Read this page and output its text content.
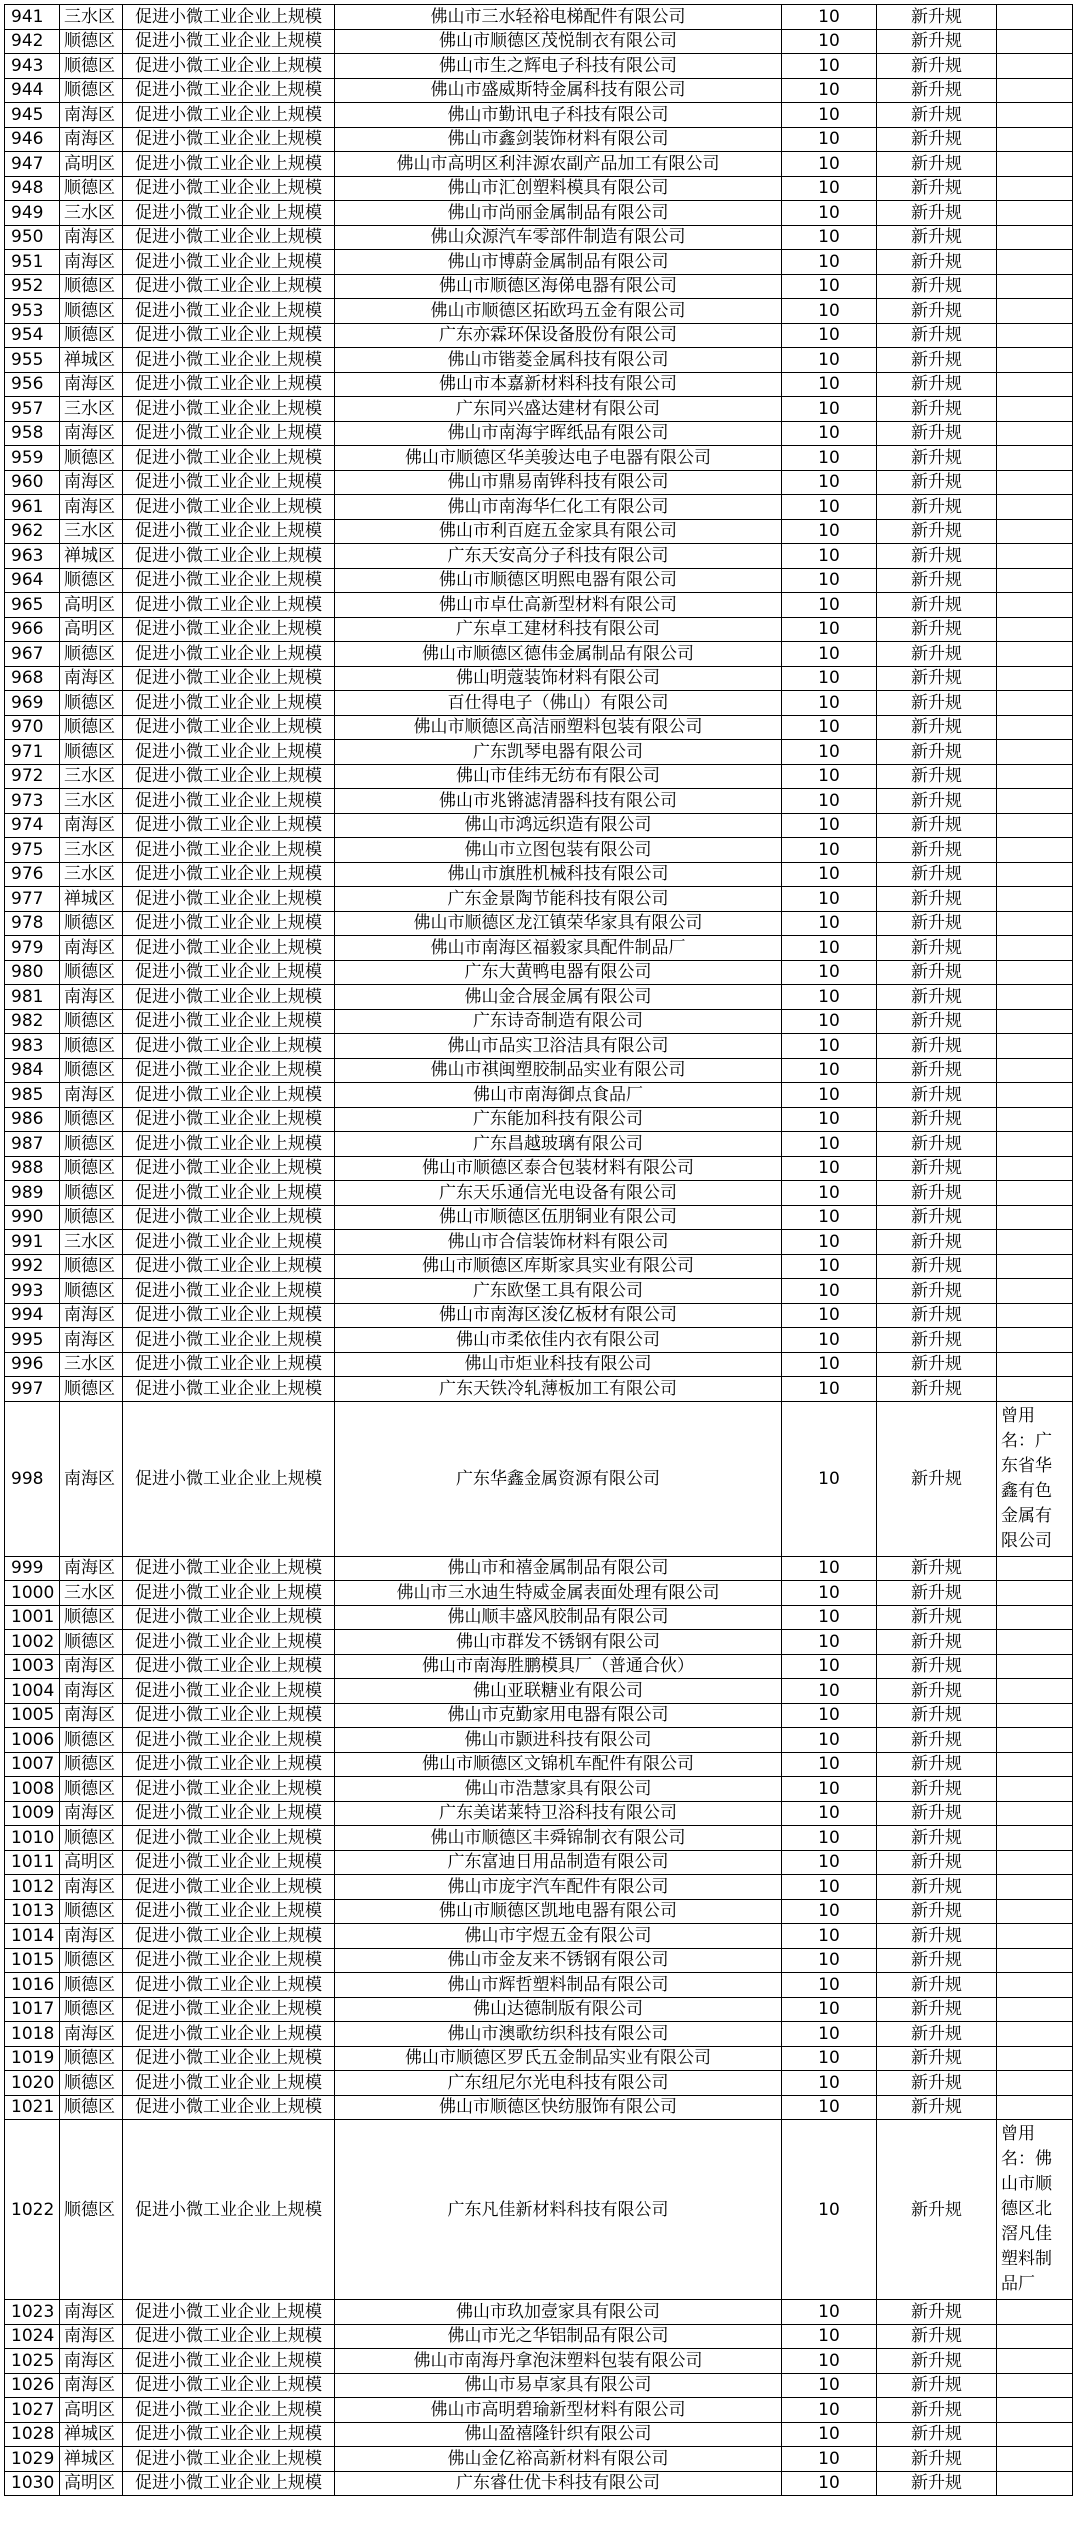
941	三水区	促进小微工业企业上规模	佛山市三水轻裕电梯配件有限公司	10	新升规	
942	顺德区	促进小微工业企业上规模	佛山市顺德区茂悦制衣有限公司	10	新升规	
943	顺德区	促进小微工业企业上规模	佛山市生之辉电子科技有限公司	10	新升规	
944	顺德区	促进小微工业企业上规模	佛山市盛威斯特金属科技有限公司	10	新升规	
945	南海区	促进小微工业企业上规模	佛山市勤讯电子科技有限公司	10	新升规	
946	南海区	促进小微工业企业上规模	佛山市鑫剑装饰材料有限公司	10	新升规	
947	高明区	促进小微工业企业上规模	佛山市高明区利沣源农副产品加工有限公司	10	新升规	
948	顺德区	促进小微工业企业上规模	佛山市汇创塑料模具有限公司	10	新升规	
949	三水区	促进小微工业企业上规模	佛山市尚丽金属制品有限公司	10	新升规	
950	南海区	促进小微工业企业上规模	佛山众源汽车零部件制造有限公司	10	新升规	
951	南海区	促进小微工业企业上规模	佛山市博蔚金属制品有限公司	10	新升规	
952	顺德区	促进小微工业企业上规模	佛山市顺德区海俤电器有限公司	10	新升规	
953	顺德区	促进小微工业企业上规模	佛山市顺德区拓欧玛五金有限公司	10	新升规	
954	顺德区	促进小微工业企业上规模	广东亦霖环保设备股份有限公司	10	新升规	
955	禅城区	促进小微工业企业上规模	佛山市锴菱金属科技有限公司	10	新升规	
956	南海区	促进小微工业企业上规模	佛山市本嘉新材料科技有限公司	10	新升规	
957	三水区	促进小微工业企业上规模	广东同兴盛达建材有限公司	10	新升规	
958	南海区	促进小微工业企业上规模	佛山市南海宇晖纸品有限公司	10	新升规	
959	顺德区	促进小微工业企业上规模	佛山市顺德区华美骏达电子电器有限公司	10	新升规	
960	南海区	促进小微工业企业上规模	佛山市鼎易南铧科技有限公司	10	新升规	
961	南海区	促进小微工业企业上规模	佛山市南海华仁化工有限公司	10	新升规	
962	三水区	促进小微工业企业上规模	佛山市利百庭五金家具有限公司	10	新升规	
963	禅城区	促进小微工业企业上规模	广东天安高分子科技有限公司	10	新升规	
964	顺德区	促进小微工业企业上规模	佛山市顺德区明熙电器有限公司	10	新升规	
965	高明区	促进小微工业企业上规模	佛山市卓仕高新型材料有限公司	10	新升规	
966	高明区	促进小微工业企业上规模	广东卓工建材科技有限公司	10	新升规	
967	顺德区	促进小微工业企业上规模	佛山市顺德区德伟金属制品有限公司	10	新升规	
968	南海区	促进小微工业企业上规模	佛山明蔻装饰材料有限公司	10	新升规	
969	顺德区	促进小微工业企业上规模	百仕得电子（佛山）有限公司	10	新升规	
970	顺德区	促进小微工业企业上规模	佛山市顺德区高洁丽塑料包装有限公司	10	新升规	
971	顺德区	促进小微工业企业上规模	广东凯琴电器有限公司	10	新升规	
972	三水区	促进小微工业企业上规模	佛山市佳纬无纺布有限公司	10	新升规	
973	三水区	促进小微工业企业上规模	佛山市兆锵滤清器科技有限公司	10	新升规	
974	南海区	促进小微工业企业上规模	佛山市鸿远织造有限公司	10	新升规	
975	三水区	促进小微工业企业上规模	佛山市立图包装有限公司	10	新升规	
976	三水区	促进小微工业企业上规模	佛山市旗胜机械科技有限公司	10	新升规	
977	禅城区	促进小微工业企业上规模	广东金景陶节能科技有限公司	10	新升规	
978	顺德区	促进小微工业企业上规模	佛山市顺德区龙江镇荣华家具有限公司	10	新升规	
979	南海区	促进小微工业企业上规模	佛山市南海区福毅家具配件制品厂	10	新升规	
980	顺德区	促进小微工业企业上规模	广东大黄鸭电器有限公司	10	新升规	
981	南海区	促进小微工业企业上规模	佛山金合展金属有限公司	10	新升规	
982	顺德区	促进小微工业企业上规模	广东诗奇制造有限公司	10	新升规	
983	顺德区	促进小微工业企业上规模	佛山市品实卫浴洁具有限公司	10	新升规	
984	顺德区	促进小微工业企业上规模	佛山市祺闽塑胶制品实业有限公司	10	新升规	
985	南海区	促进小微工业企业上规模	佛山市南海御点食品厂	10	新升规	
986	顺德区	促进小微工业企业上规模	广东能加科技有限公司	10	新升规	
987	顺德区	促进小微工业企业上规模	广东昌越玻璃有限公司	10	新升规	
988	顺德区	促进小微工业企业上规模	佛山市顺德区泰合包装材料有限公司	10	新升规	
989	顺德区	促进小微工业企业上规模	广东天乐通信光电设备有限公司	10	新升规	
990	顺德区	促进小微工业企业上规模	佛山市顺德区伍朋铜业有限公司	10	新升规	
991	三水区	促进小微工业企业上规模	佛山市合信装饰材料有限公司	10	新升规	
992	顺德区	促进小微工业企业上规模	佛山市顺德区库斯家具实业有限公司	10	新升规	
993	顺德区	促进小微工业企业上规模	广东欧堡工具有限公司	10	新升规	
994	南海区	促进小微工业企业上规模	佛山市南海区浚亿板材有限公司	10	新升规	
995	南海区	促进小微工业企业上规模	佛山市柔依佳内衣有限公司	10	新升规	
996	三水区	促进小微工业企业上规模	佛山市炬业科技有限公司	10	新升规	
997	顺德区	促进小微工业企业上规模	广东天铁冷轧薄板加工有限公司	10	新升规	
998	南海区	促进小微工业企业上规模	广东华鑫金属资源有限公司	10	新升规	曾用名：广东省华鑫有色金属有限公司
999	南海区	促进小微工业企业上规模	佛山市和禧金属制品有限公司	10	新升规	
1000	三水区	促进小微工业企业上规模	佛山市三水迪生特威金属表面处理有限公司	10	新升规	
1001	顺德区	促进小微工业企业上规模	佛山顺丰盛风胶制品有限公司	10	新升规	
1002	顺德区	促进小微工业企业上规模	佛山市群发不锈钢有限公司	10	新升规	
1003	南海区	促进小微工业企业上规模	佛山市南海胜鹏模具厂（普通合伙）	10	新升规	
1004	南海区	促进小微工业企业上规模	佛山亚联糖业有限公司	10	新升规	
1005	南海区	促进小微工业企业上规模	佛山市克勤家用电器有限公司	10	新升规	
1006	顺德区	促进小微工业企业上规模	佛山市颢进科技有限公司	10	新升规	
1007	顺德区	促进小微工业企业上规模	佛山市顺德区文锦机车配件有限公司	10	新升规	
1008	顺德区	促进小微工业企业上规模	佛山市浩慧家具有限公司	10	新升规	
1009	南海区	促进小微工业企业上规模	广东美诺莱特卫浴科技有限公司	10	新升规	
1010	顺德区	促进小微工业企业上规模	佛山市顺德区丰舜锦制衣有限公司	10	新升规	
1011	高明区	促进小微工业企业上规模	广东富迪日用品制造有限公司	10	新升规	
1012	南海区	促进小微工业企业上规模	佛山市庞宇汽车配件有限公司	10	新升规	
1013	顺德区	促进小微工业企业上规模	佛山市顺德区凯地电器有限公司	10	新升规	
1014	南海区	促进小微工业企业上规模	佛山市宇煜五金有限公司	10	新升规	
1015	顺德区	促进小微工业企业上规模	佛山市金友来不锈钢有限公司	10	新升规	
1016	顺德区	促进小微工业企业上规模	佛山市辉哲塑料制品有限公司	10	新升规	
1017	顺德区	促进小微工业企业上规模	佛山达德制版有限公司	10	新升规	
1018	南海区	促进小微工业企业上规模	佛山市澳歌纺织科技有限公司	10	新升规	
1019	顺德区	促进小微工业企业上规模	佛山市顺德区罗氏五金制品实业有限公司	10	新升规	
1020	顺德区	促进小微工业企业上规模	广东纽尼尔光电科技有限公司	10	新升规	
1021	顺德区	促进小微工业企业上规模	佛山市顺德区快纺服饰有限公司	10	新升规	
1022	顺德区	促进小微工业企业上规模	广东凡佳新材料科技有限公司	10	新升规	曾用名：佛山市顺德区北滘凡佳塑料制品厂
1023	南海区	促进小微工业企业上规模	佛山市玖加壹家具有限公司	10	新升规	
1024	南海区	促进小微工业企业上规模	佛山市光之华铝制品有限公司	10	新升规	
1025	南海区	促进小微工业企业上规模	佛山市南海丹拿泡沫塑料包装有限公司	10	新升规	
1026	南海区	促进小微工业企业上规模	佛山市易卓家具有限公司	10	新升规	
1027	高明区	促进小微工业企业上规模	佛山市高明碧瑜新型材料有限公司	10	新升规	
1028	禅城区	促进小微工业企业上规模	佛山盈禧隆针织有限公司	10	新升规	
1029	禅城区	促进小微工业企业上规模	佛山金亿裕高新材料有限公司	10	新升规	
1030	高明区	促进小微工业企业上规模	广东睿仕优卡科技有限公司	10	新升规	
